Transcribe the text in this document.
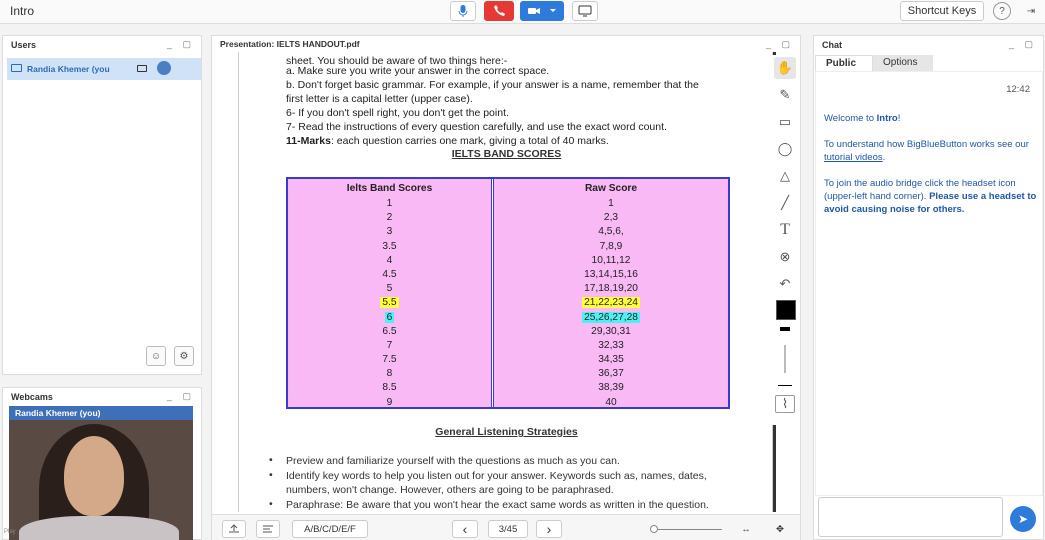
Intro	Shortcut Keys	? ⇥
Users	_ ▢
Randia Khemer (you
☺ ⚙
Webcams	_ ▢
Randia Khemer (you)
Play
_ ▢
Presentation: IELTS HANDOUT.pdf

sheet. You should be aware of two things here:-

a. Make sure you write your answer in the correct space.

b. Don't forget basic grammar. For example, if your answer is a name, remember that the

first letter is a capital letter (upper case).

6- If you don't spell right, you don't get the point.

7- Read the instructions of every question carefully, and use the exact word count.

11-Marks: each question carries one mark, giving a total of 40 marks.

IELTS BAND SCORES
Ielts Band Scores
1
2
3
3.5
4
4.5
5
5.5
6
6.5
7
7.5
8
8.5
9
Raw Score
1
2,3
4,5,6,
7,8,9
10,11,12
13,14,15,16
17,18,19,20
21,22,23,24
25,26,27,28
29,30,31
32,33
34,35
36,37
38,39
40
General Listening Strategies
• Preview and familiarize yourself with the questions as much as you can.
• Identify key words to help you listen out for your answer. Keywords such as, names, dates,
numbers, won't change. However, others are going to be paraphrased.
• Paraphrase: Be aware that you won't hear the exact same words as written in the question.
✋
✎
▭
◯
△
╱
T
⊗
↶
⌇
A/B/C/D/E/F	‹	3/45	›	↔	✥
Chat	_ ▢
Public	Options
12:42
Welcome to Intro!
To understand how BigBlueButton works see our tutorial videos.
To join the audio bridge click the headset icon (upper-left hand corner). Please use a headset to avoid causing noise for others.
➤
